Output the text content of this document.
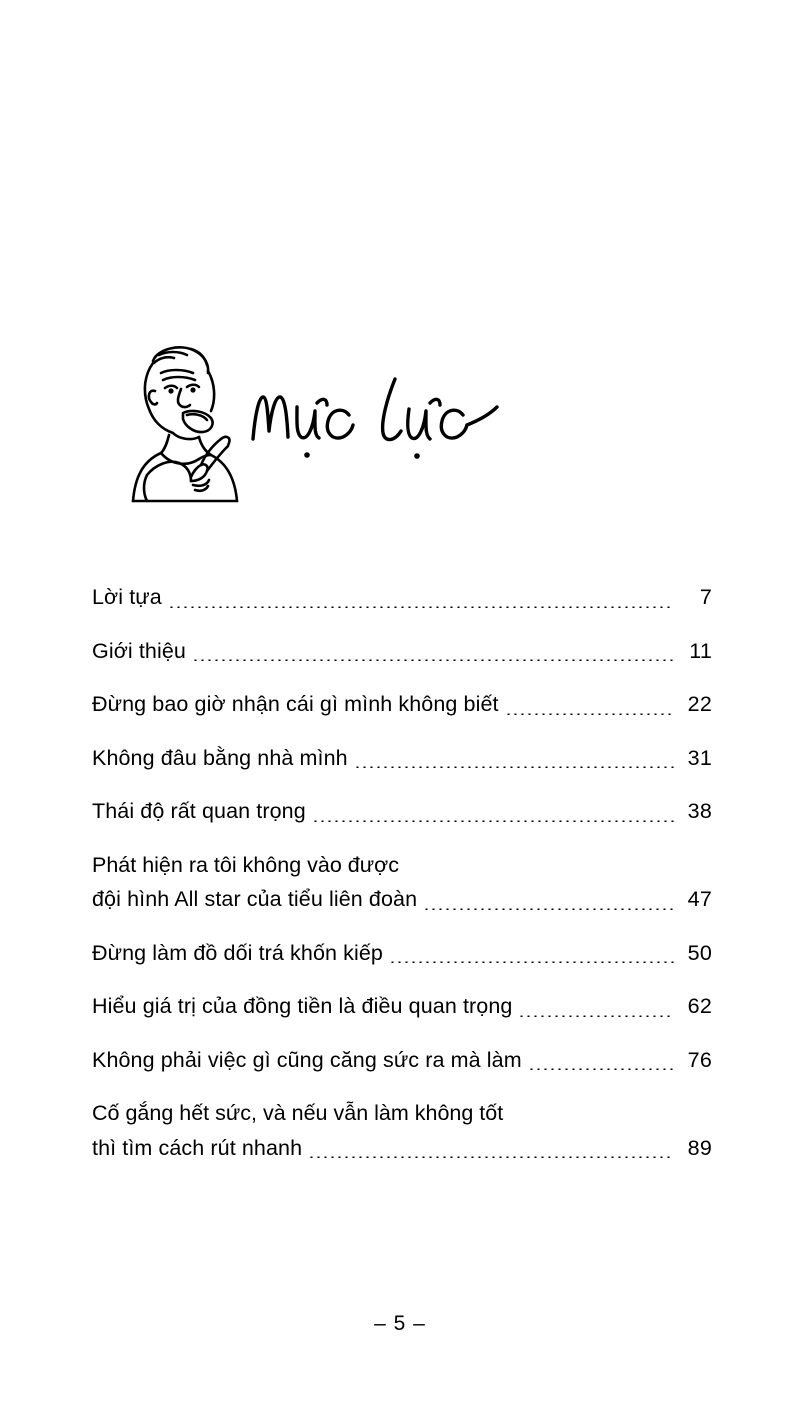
Lời tựa	7
Giới thiệu	11
Đừng bao giờ nhận cái gì mình không biết	22
Không đâu bằng nhà mình	31
Thái độ rất quan trọng	38
Phát hiện ra tôi không vào được
đội hình All star của tiểu liên đoàn	47
Đừng làm đồ dối trá khốn kiếp	50
Hiểu giá trị của đồng tiền là điều quan trọng	62
Không phải việc gì cũng căng sức ra mà làm	76
Cố gắng hết sức, và nếu vẫn làm không tốt
thì tìm cách rút nhanh	89
– 5 –
